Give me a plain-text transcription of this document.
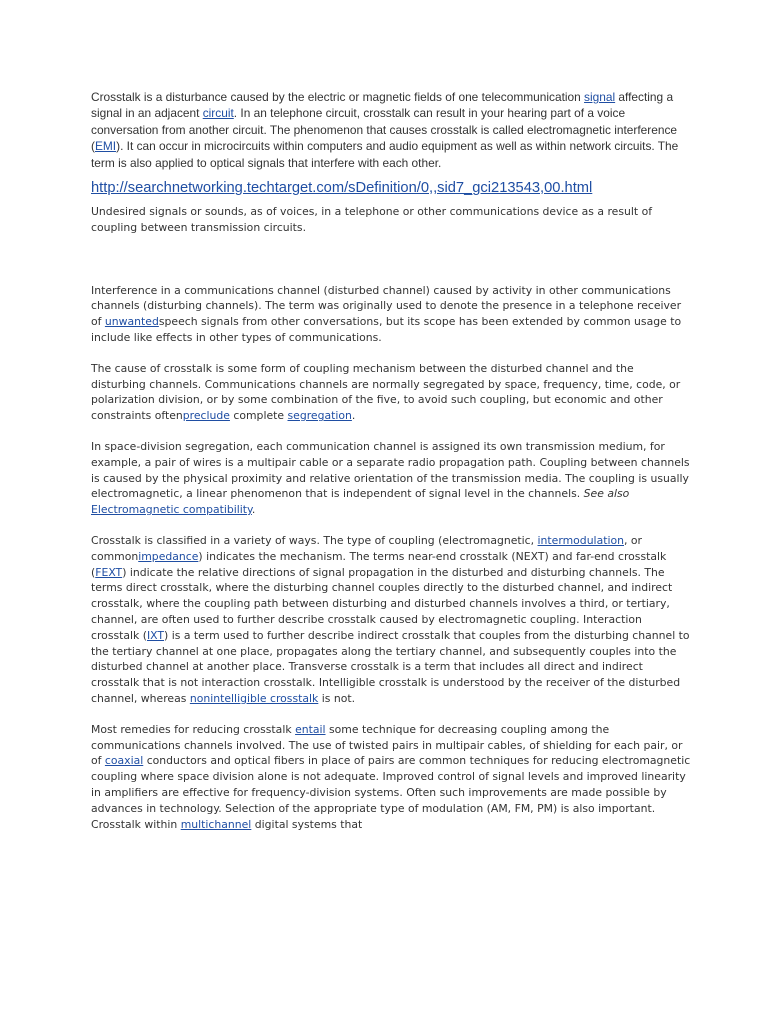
Crosstalk is a disturbance caused by the electric or magnetic fields of one telecommunication signal affecting a signal in an adjacent circuit. In an telephone circuit, crosstalk can result in your hearing part of a voice conversation from another circuit. The phenomenon that causes crosstalk is called electromagnetic interference (EMI). It can occur in microcircuits within computers and audio equipment as well as within network circuits. The term is also applied to optical signals that interfere with each other.

http://searchnetworking.techtarget.com/sDefinition/0,,sid7_gci213543,00.html

Undesired signals or sounds, as of voices, in a telephone or other communications device as a result of coupling between transmission circuits.

Interference in a communications channel (disturbed channel) caused by activity in other communications channels (disturbing channels). The term was originally used to denote the presence in a telephone receiver of unwantedspeech signals from other conversations, but its scope has been extended by common usage to include like effects in other types of communications.

The cause of crosstalk is some form of coupling mechanism between the disturbed channel and the disturbing channels. Communications channels are normally segregated by space, frequency, time, code, or polarization division, or by some combination of the five, to avoid such coupling, but economic and other constraints oftenpreclude complete segregation.

In space-division segregation, each communication channel is assigned its own transmission medium, for example, a pair of wires is a multipair cable or a separate radio propagation path. Coupling between channels is caused by the physical proximity and relative orientation of the transmission media. The coupling is usually electromagnetic, a linear phenomenon that is independent of signal level in the channels. See also Electromagnetic compatibility.

Crosstalk is classified in a variety of ways. The type of coupling (electromagnetic, intermodulation, or commonimpedance) indicates the mechanism. The terms near-end crosstalk (NEXT) and far-end crosstalk (FEXT) indicate the relative directions of signal propagation in the disturbed and disturbing channels. The terms direct crosstalk, where the disturbing channel couples directly to the disturbed channel, and indirect crosstalk, where the coupling path between disturbing and disturbed channels involves a third, or tertiary, channel, are often used to further describe crosstalk caused by electromagnetic coupling. Interaction crosstalk (IXT) is a term used to further describe indirect crosstalk that couples from the disturbing channel to the tertiary channel at one place, propagates along the tertiary channel, and subsequently couples into the disturbed channel at another place. Transverse crosstalk is a term that includes all direct and indirect crosstalk that is not interaction crosstalk. Intelligible crosstalk is understood by the receiver of the disturbed channel, whereas nonintelligible crosstalk is not.

Most remedies for reducing crosstalk entail some technique for decreasing coupling among the communications channels involved. The use of twisted pairs in multipair cables, of shielding for each pair, or of coaxial conductors and optical fibers in place of pairs are common techniques for reducing electromagnetic coupling where space division alone is not adequate. Improved control of signal levels and improved linearity in amplifiers are effective for frequency-division systems. Often such improvements are made possible by advances in technology. Selection of the appropriate type of modulation (AM, FM, PM) is also important. Crosstalk within multichannel digital systems that
